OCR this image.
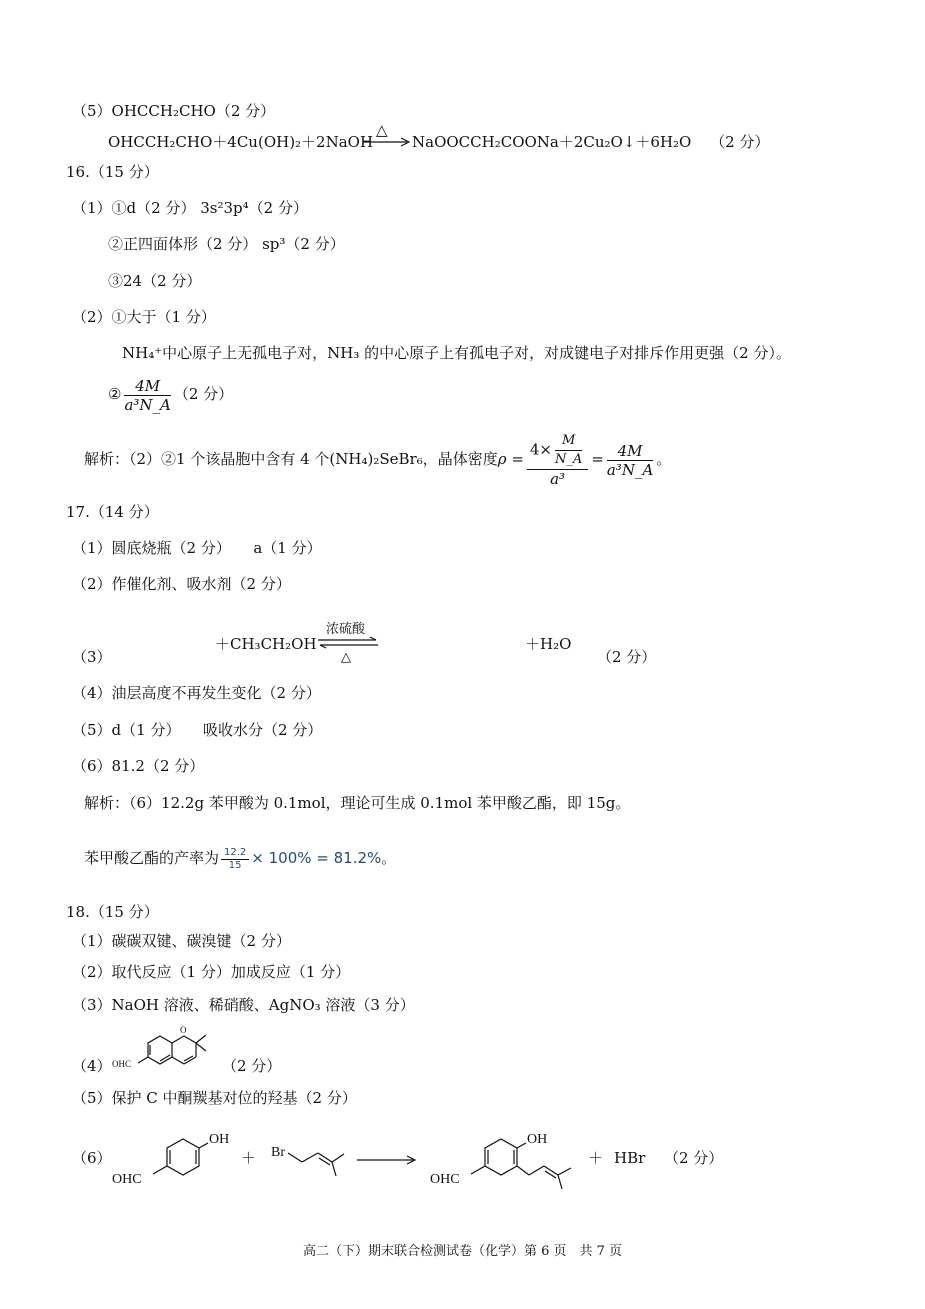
（5）OHCCH₂CHO（2 分）
OHCCH₂CHO＋4Cu(OH)₂＋2NaOH
△
NaOOCCH₂COONa＋2Cu₂O↓＋6H₂O （2 分）
16.（15 分）
（1）①d（2 分） 3s²3p⁴（2 分）
②正四面体形（2 分） sp³（2 分）
③24（2 分）
（2）①大于（1 分）
NH₄⁺中心原子上无孤电子对，NH₃ 的中心原子上有孤电子对，对成键电子对排斥作用更强（2 分）。
② $\frac{4M}{\text{a³N\_A}} (2$ 分）
解析：（2）②1 个该晶胞中含有 4 个(NH₄)₂SeBr₆，晶体密度$\rho = \frac{4\times \frac{M}{N\_A}}{\text{a³}} = \frac{4M}{\text{a³N\_A}}$ 。
17.（14 分）
（1）圆底烧瓶（2 分）　　a（1 分）
（2）作催化剂、吸水剂（2 分）
（3）
＋CH₃CH₂OH
浓硫酸
△
＋H₂O
（2 分）
（4）油层高度不再发生变化（2 分）
（5）d（1 分）　　吸收水分（2 分）
（6）81.2（2 分）
解析：（6）12.2g 苯甲酸为 0.1mol，理论可生成 0.1mol 苯甲酸乙酯，即 15g。
苯甲酸乙酯的产率为 $\frac{12.2}{15} \times 100\% = 81.2\%$。
18.（15 分）
（1）碳碳双键、碳溴键（2 分）
（2）取代反应（1 分）加成反应（1 分）
（3）NaOH 溶液、稀硝酸、AgNO₃ 溶液（3 分）
（4）
O
OHC	（2 分）
（5）保护 C 中酮羰基对位的羟基（2 分）
（6）
OH
OHC
＋ Br
OH
OHC
＋ HBr （2 分）
高二（下）期末联合检测试卷（化学）第 6 页　共 7 页
